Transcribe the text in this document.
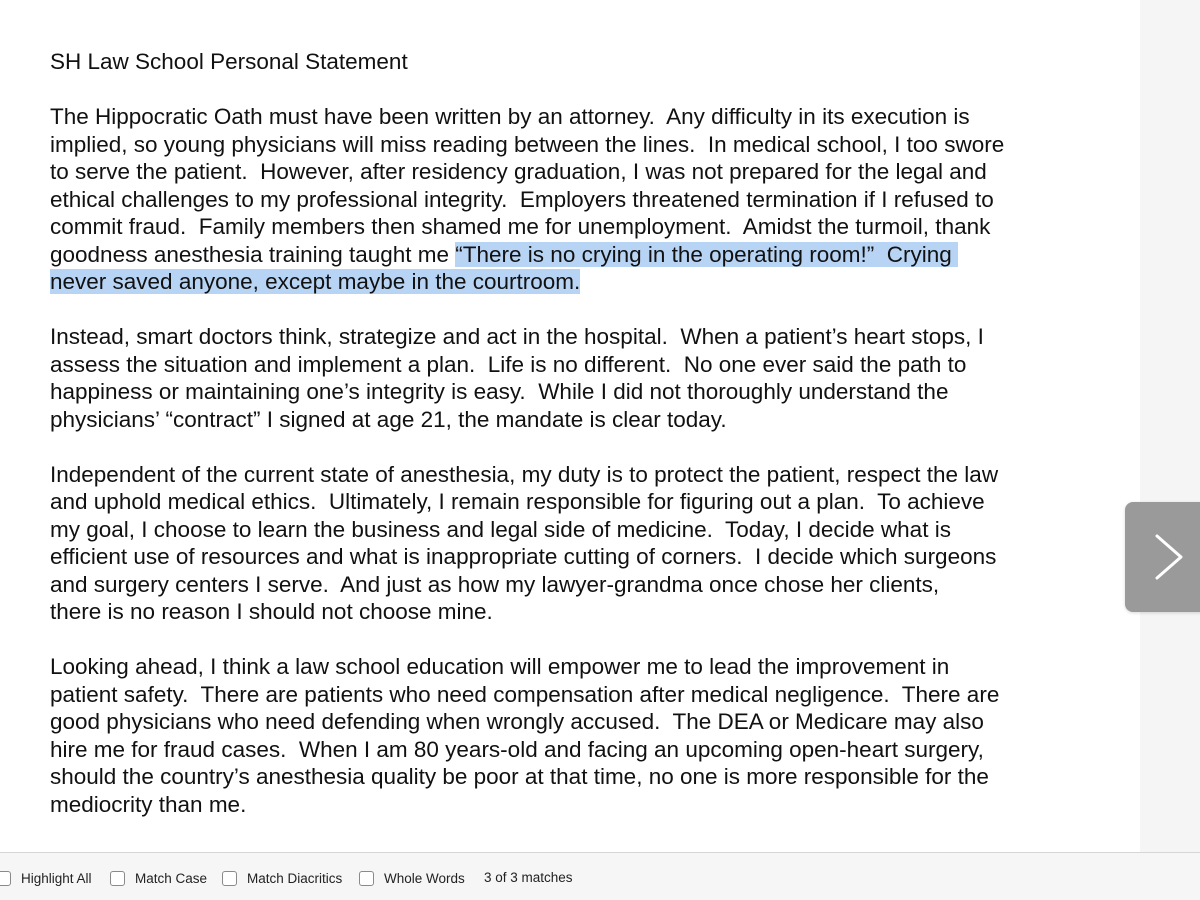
SH Law School Personal Statement
The Hippocratic Oath must have been written by an attorney.  Any difficulty in its execution is
implied, so young physicians will miss reading between the lines.  In medical school, I too swore
to serve the patient.  However, after residency graduation, I was not prepared for the legal and
ethical challenges to my professional integrity.  Employers threatened termination if I refused to
commit fraud.  Family members then shamed me for unemployment.  Amidst the turmoil, thank
goodness anesthesia training taught me “There is no crying in the operating room!”  Crying
never saved anyone, except maybe in the courtroom.
Instead, smart doctors think, strategize and act in the hospital.  When a patient’s heart stops, I
assess the situation and implement a plan.  Life is no different.  No one ever said the path to
happiness or maintaining one’s integrity is easy.  While I did not thoroughly understand the
physicians’ “contract” I signed at age 21, the mandate is clear today.
Independent of the current state of anesthesia, my duty is to protect the patient, respect the law
and uphold medical ethics.  Ultimately, I remain responsible for figuring out a plan.  To achieve
my goal, I choose to learn the business and legal side of medicine.  Today, I decide what is
efficient use of resources and what is inappropriate cutting of corners.  I decide which surgeons
and surgery centers I serve.  And just as how my lawyer-grandma once chose her clients,
there is no reason I should not choose mine.
Looking ahead, I think a law school education will empower me to lead the improvement in
patient safety.  There are patients who need compensation after medical negligence.  There are
good physicians who need defending when wrongly accused.  The DEA or Medicare may also
hire me for fraud cases.  When I am 80 years-old and facing an upcoming open-heart surgery,
should the country’s anesthesia quality be poor at that time, no one is more responsible for the
mediocrity than me.
Highlight All	Match Case	Match Diacritics	Whole Words 3 of 3 matches
